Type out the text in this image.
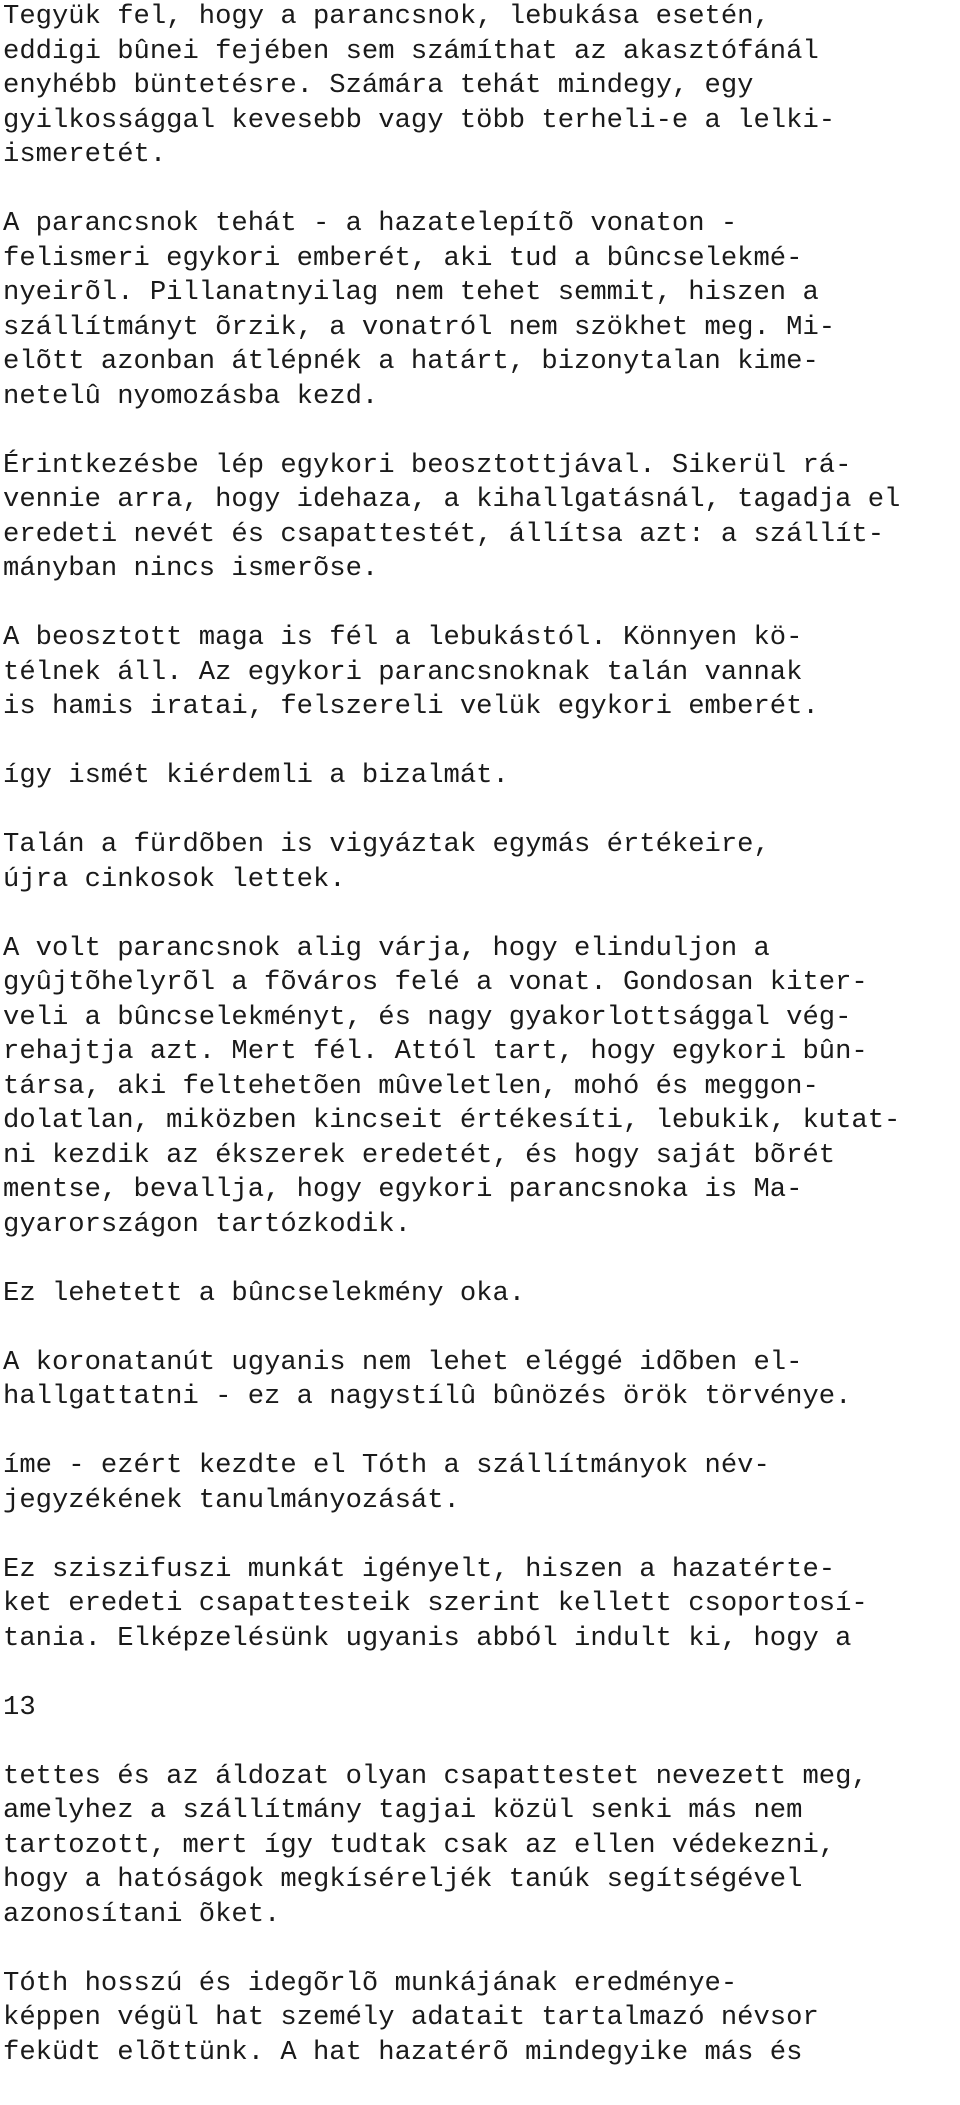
Tegyük fel, hogy a parancsnok, lebukása esetén,
eddigi bûnei fejében sem számíthat az akasztófánál
enyhébb büntetésre. Számára tehát mindegy, egy
gyilkossággal kevesebb vagy több terheli-e a lelki-
ismeretét.
A parancsnok tehát - a hazatelepítõ vonaton -
felismeri egykori emberét, aki tud a bûncselekmé-
nyeirõl. Pillanatnyilag nem tehet semmit, hiszen a
szállítmányt õrzik, a vonatról nem szökhet meg. Mi-
elõtt azonban átlépnék a határt, bizonytalan kime-
netelû nyomozásba kezd.
Érintkezésbe lép egykori beosztottjával. Sikerül rá-
vennie arra, hogy idehaza, a kihallgatásnál, tagadja el
eredeti nevét és csapattestét, állítsa azt: a szállít-
mányban nincs ismerõse.
A beosztott maga is fél a lebukástól. Könnyen kö-
télnek áll. Az egykori parancsnoknak talán vannak
is hamis iratai, felszereli velük egykori emberét.
így ismét kiérdemli a bizalmát.
Talán a fürdõben is vigyáztak egymás értékeire,
újra cinkosok lettek.
A volt parancsnok alig várja, hogy elinduljon a
gyûjtõhelyrõl a fõváros felé a vonat. Gondosan kiter-
veli a bûncselekményt, és nagy gyakorlottsággal vég-
rehajtja azt. Mert fél. Attól tart, hogy egykori bûn-
társa, aki feltehetõen mûveletlen, mohó és meggon-
dolatlan, miközben kincseit értékesíti, lebukik, kutat-
ni kezdik az ékszerek eredetét, és hogy saját bõrét
mentse, bevallja, hogy egykori parancsnoka is Ma-
gyarországon tartózkodik.
Ez lehetett a bûncselekmény oka.
A koronatanút ugyanis nem lehet eléggé idõben el-
hallgattatni - ez a nagystílû bûnözés örök törvénye.
íme - ezért kezdte el Tóth a szállítmányok név-
jegyzékének tanulmányozását.
Ez sziszifuszi munkát igényelt, hiszen a hazatérte-
ket eredeti csapattesteik szerint kellett csoportosí-
tania. Elképzelésünk ugyanis abból indult ki, hogy a
13
tettes és az áldozat olyan csapattestet nevezett meg,
amelyhez a szállítmány tagjai közül senki más nem
tartozott, mert így tudtak csak az ellen védekezni,
hogy a hatóságok megkíséreljék tanúk segítségével
azonosítani õket.
Tóth hosszú és idegõrlõ munkájának eredménye-
képpen végül hat személy adatait tartalmazó névsor
feküdt elõttünk. A hat hazatérõ mindegyike más és
